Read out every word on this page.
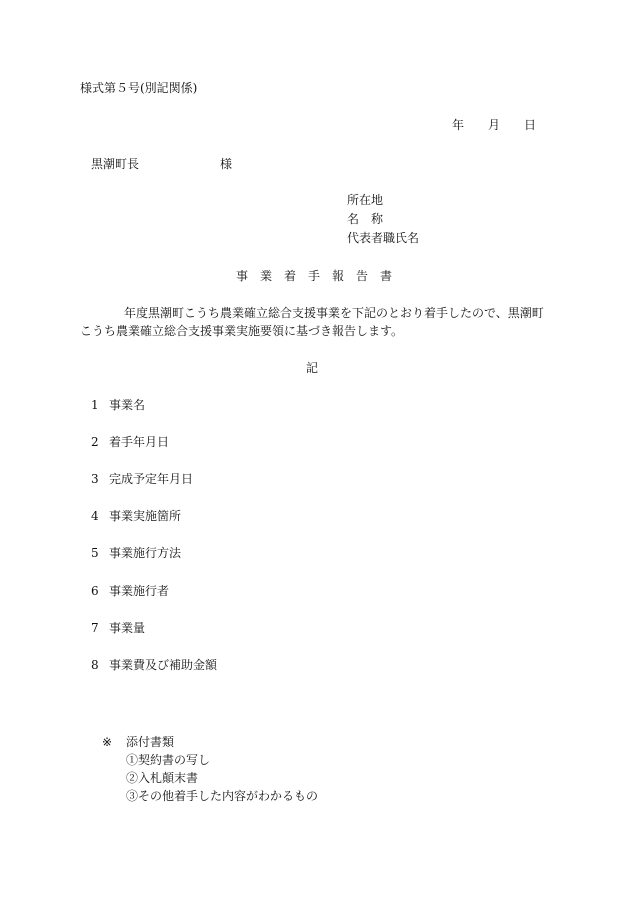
様式第５号(別記関係)
年 月 日
黒潮町長	様
所在地
名　称
代表者職氏名
事業着手報告書
年度黒潮町こうち農業確立総合支援事業を下記のとおり着手したので、黒潮町
こうち農業確立総合支援事業実施要領に基づき報告します。
記
1 事業名
2 着手年月日
3 完成予定年月日
4 事業実施箇所
5 事業施行方法
6 事業施行者
7 事業量
8 事業費及び補助金額
※ 添付書類
①契約書の写し
②入札顛末書
③その他着手した内容がわかるもの
